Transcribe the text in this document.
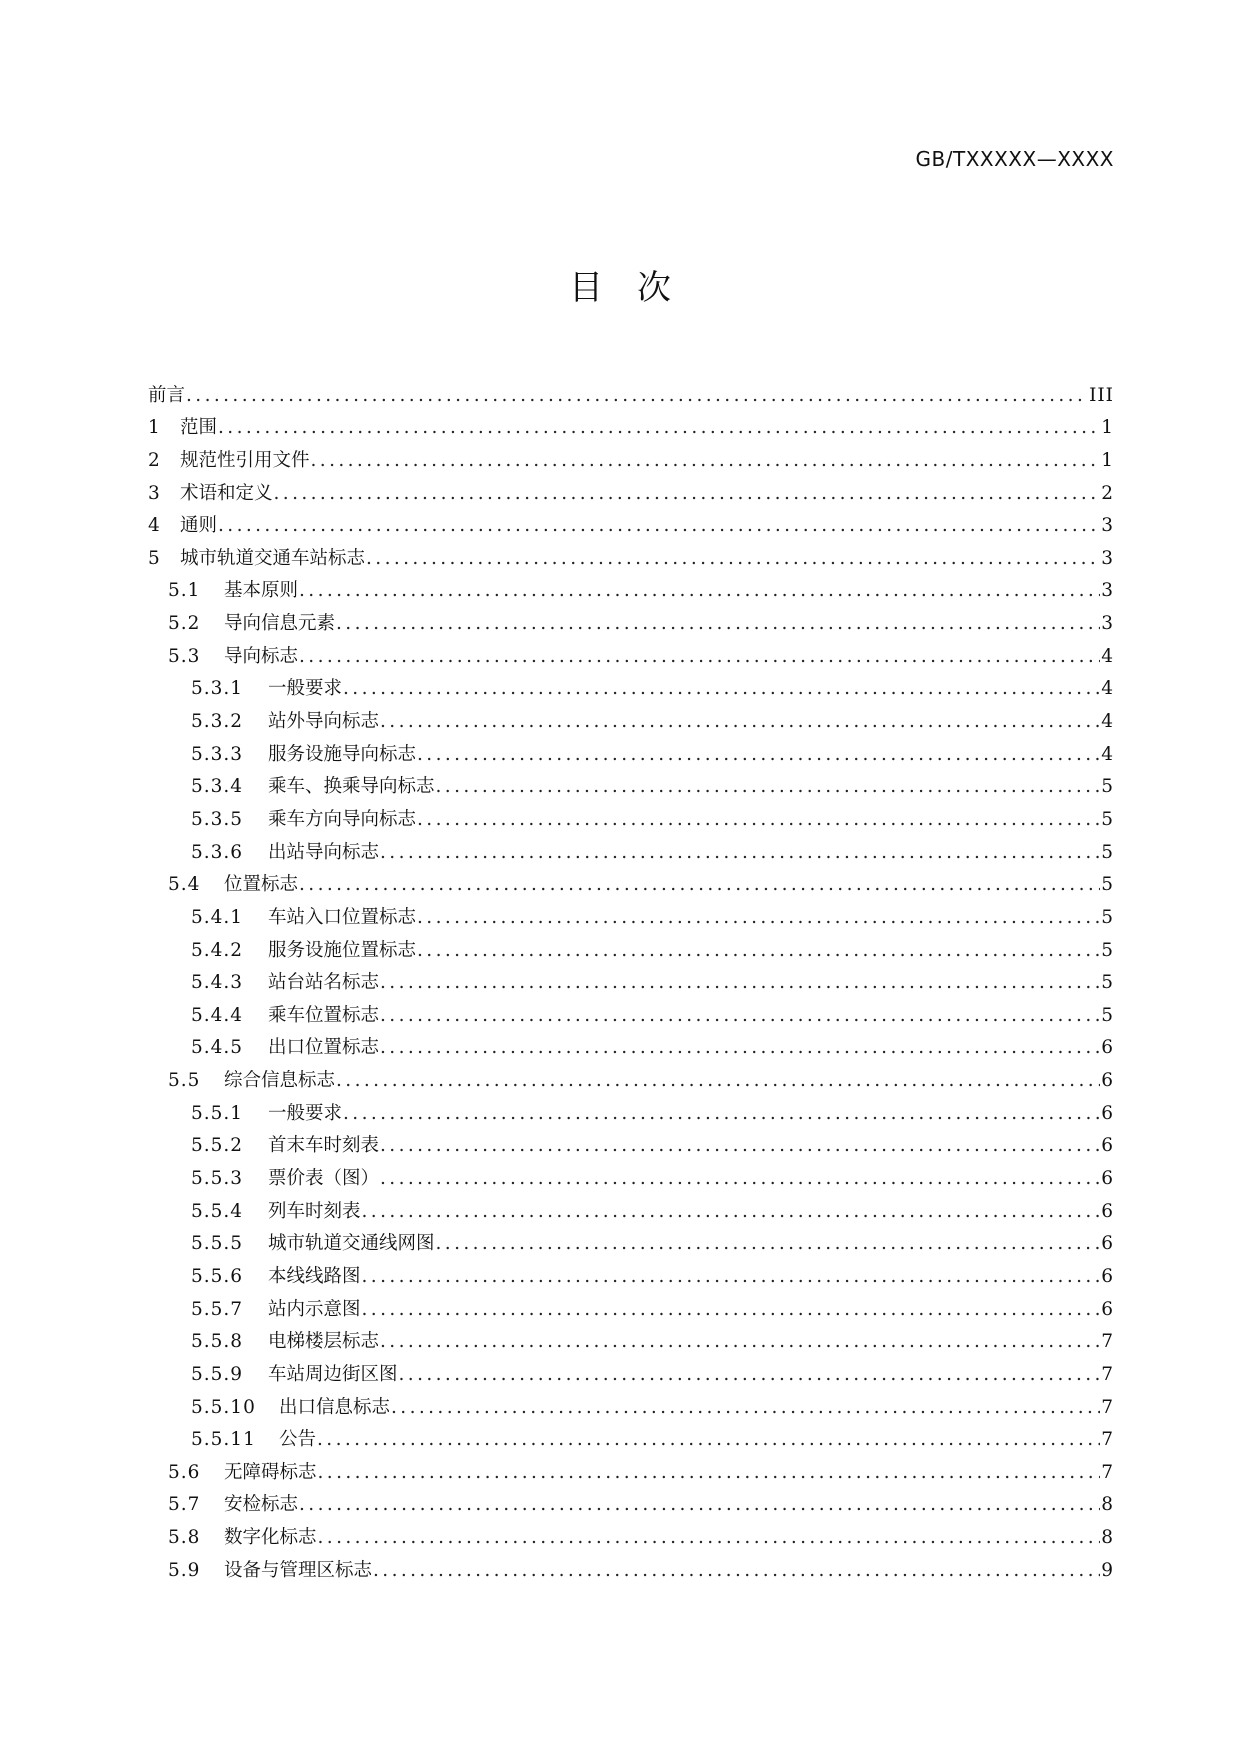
GB/TXXXXX—XXXX
目 次
前言 .....	III
1	范围 .....	1
2	规范性引用文件 .....	1
3	术语和定义 .....	2
4	通则 .....	3
5	城市轨道交通车站标志 .....	3
5.1	基本原则 .....	3
5.2	导向信息元素 .....	3
5.3	导向标志 .....	4
5.3.1	一般要求 .....	4
5.3.2	站外导向标志 .....	4
5.3.3	服务设施导向标志 .....	4
5.3.4	乘车、换乘导向标志 .....	5
5.3.5	乘车方向导向标志 .....	5
5.3.6	出站导向标志 .....	5
5.4	位置标志 .....	5
5.4.1	车站入口位置标志 .....	5
5.4.2	服务设施位置标志 .....	5
5.4.3	站台站名标志 .....	5
5.4.4	乘车位置标志 .....	5
5.4.5	出口位置标志 .....	6
5.5	综合信息标志 .....	6
5.5.1	一般要求 .....	6
5.5.2	首末车时刻表 .....	6
5.5.3	票价表（图） .....	6
5.5.4	列车时刻表 .....	6
5.5.5	城市轨道交通线网图 .....	6
5.5.6	本线线路图 .....	6
5.5.7	站内示意图 .....	6
5.5.8	电梯楼层标志 .....	7
5.5.9	车站周边街区图 .....	7
5.5.10	出口信息标志 .....	7
5.5.11	公告 .....	7
5.6	无障碍标志 .....	7
5.7	安检标志 .....	8
5.8	数字化标志 .....	8
5.9	设备与管理区标志 .....	9
